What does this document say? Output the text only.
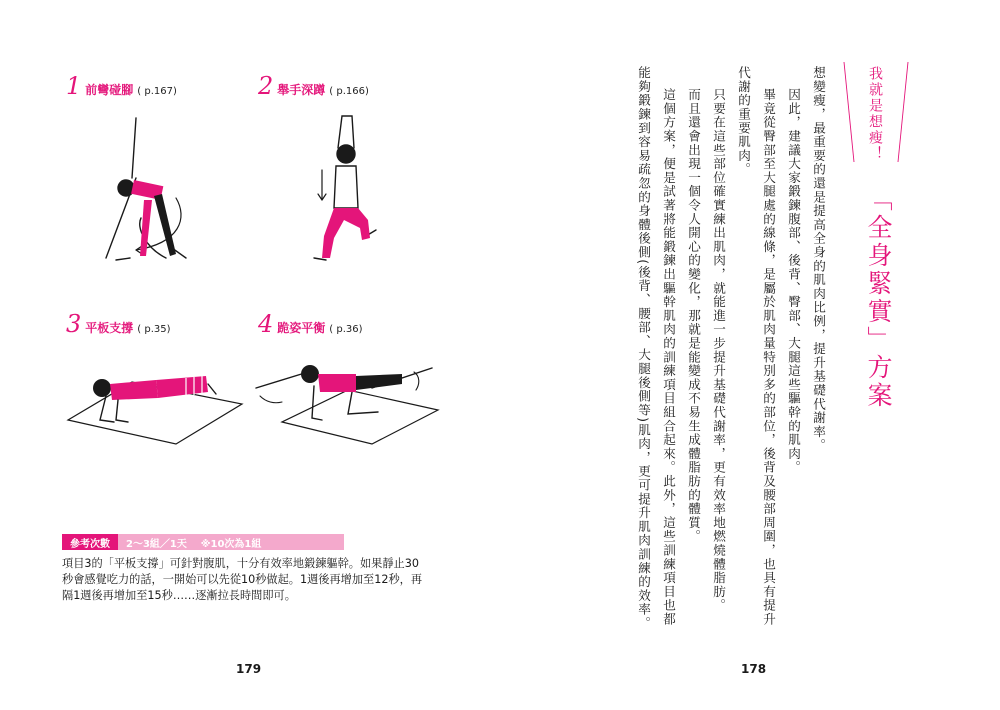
1 前彎碰腳 ( p.167)	2 舉手深蹲 ( p.166)
3 平板支撐 ( p.35)	4 跪姿平衡 ( p.36)
參考次數	2～3組／1天    ※10次為1組
項目3的「平板支撐」可針對腹肌，十分有效率地鍛鍊軀幹。如果靜止30
秒會感覺吃力的話，一開始可以先從10秒做起。1週後再增加至12秒，再
隔1週後再增加至15秒……逐漸拉長時間即可。
179
我就是想瘦！
「全身緊實」方案
想變瘦，最重要的還是提高全身的肌肉比例，提升基礎代謝率。
因此，建議大家鍛鍊腹部、後背、臀部、大腿這些驅幹的肌肉。
畢竟從臀部至大腿處的線條，是屬於肌肉量特別多的部位，後背及腰部周圍，也具有提升
代謝的重要肌肉。
只要在這些部位確實練出肌肉，就能進一步提升基礎代謝率，更有效率地燃燒體脂肪。
而且還會出現一個令人開心的變化，那就是能變成不易生成體脂肪的體質。
這個方案，便是試著將能鍛鍊出驅幹肌肉的訓練項目組合起來。此外，這些訓練項目也都
能夠鍛鍊到容易疏忽的身體後側(後背、腰部、大腿後側等)肌肉，更可提升肌肉訓練的效率。
178
